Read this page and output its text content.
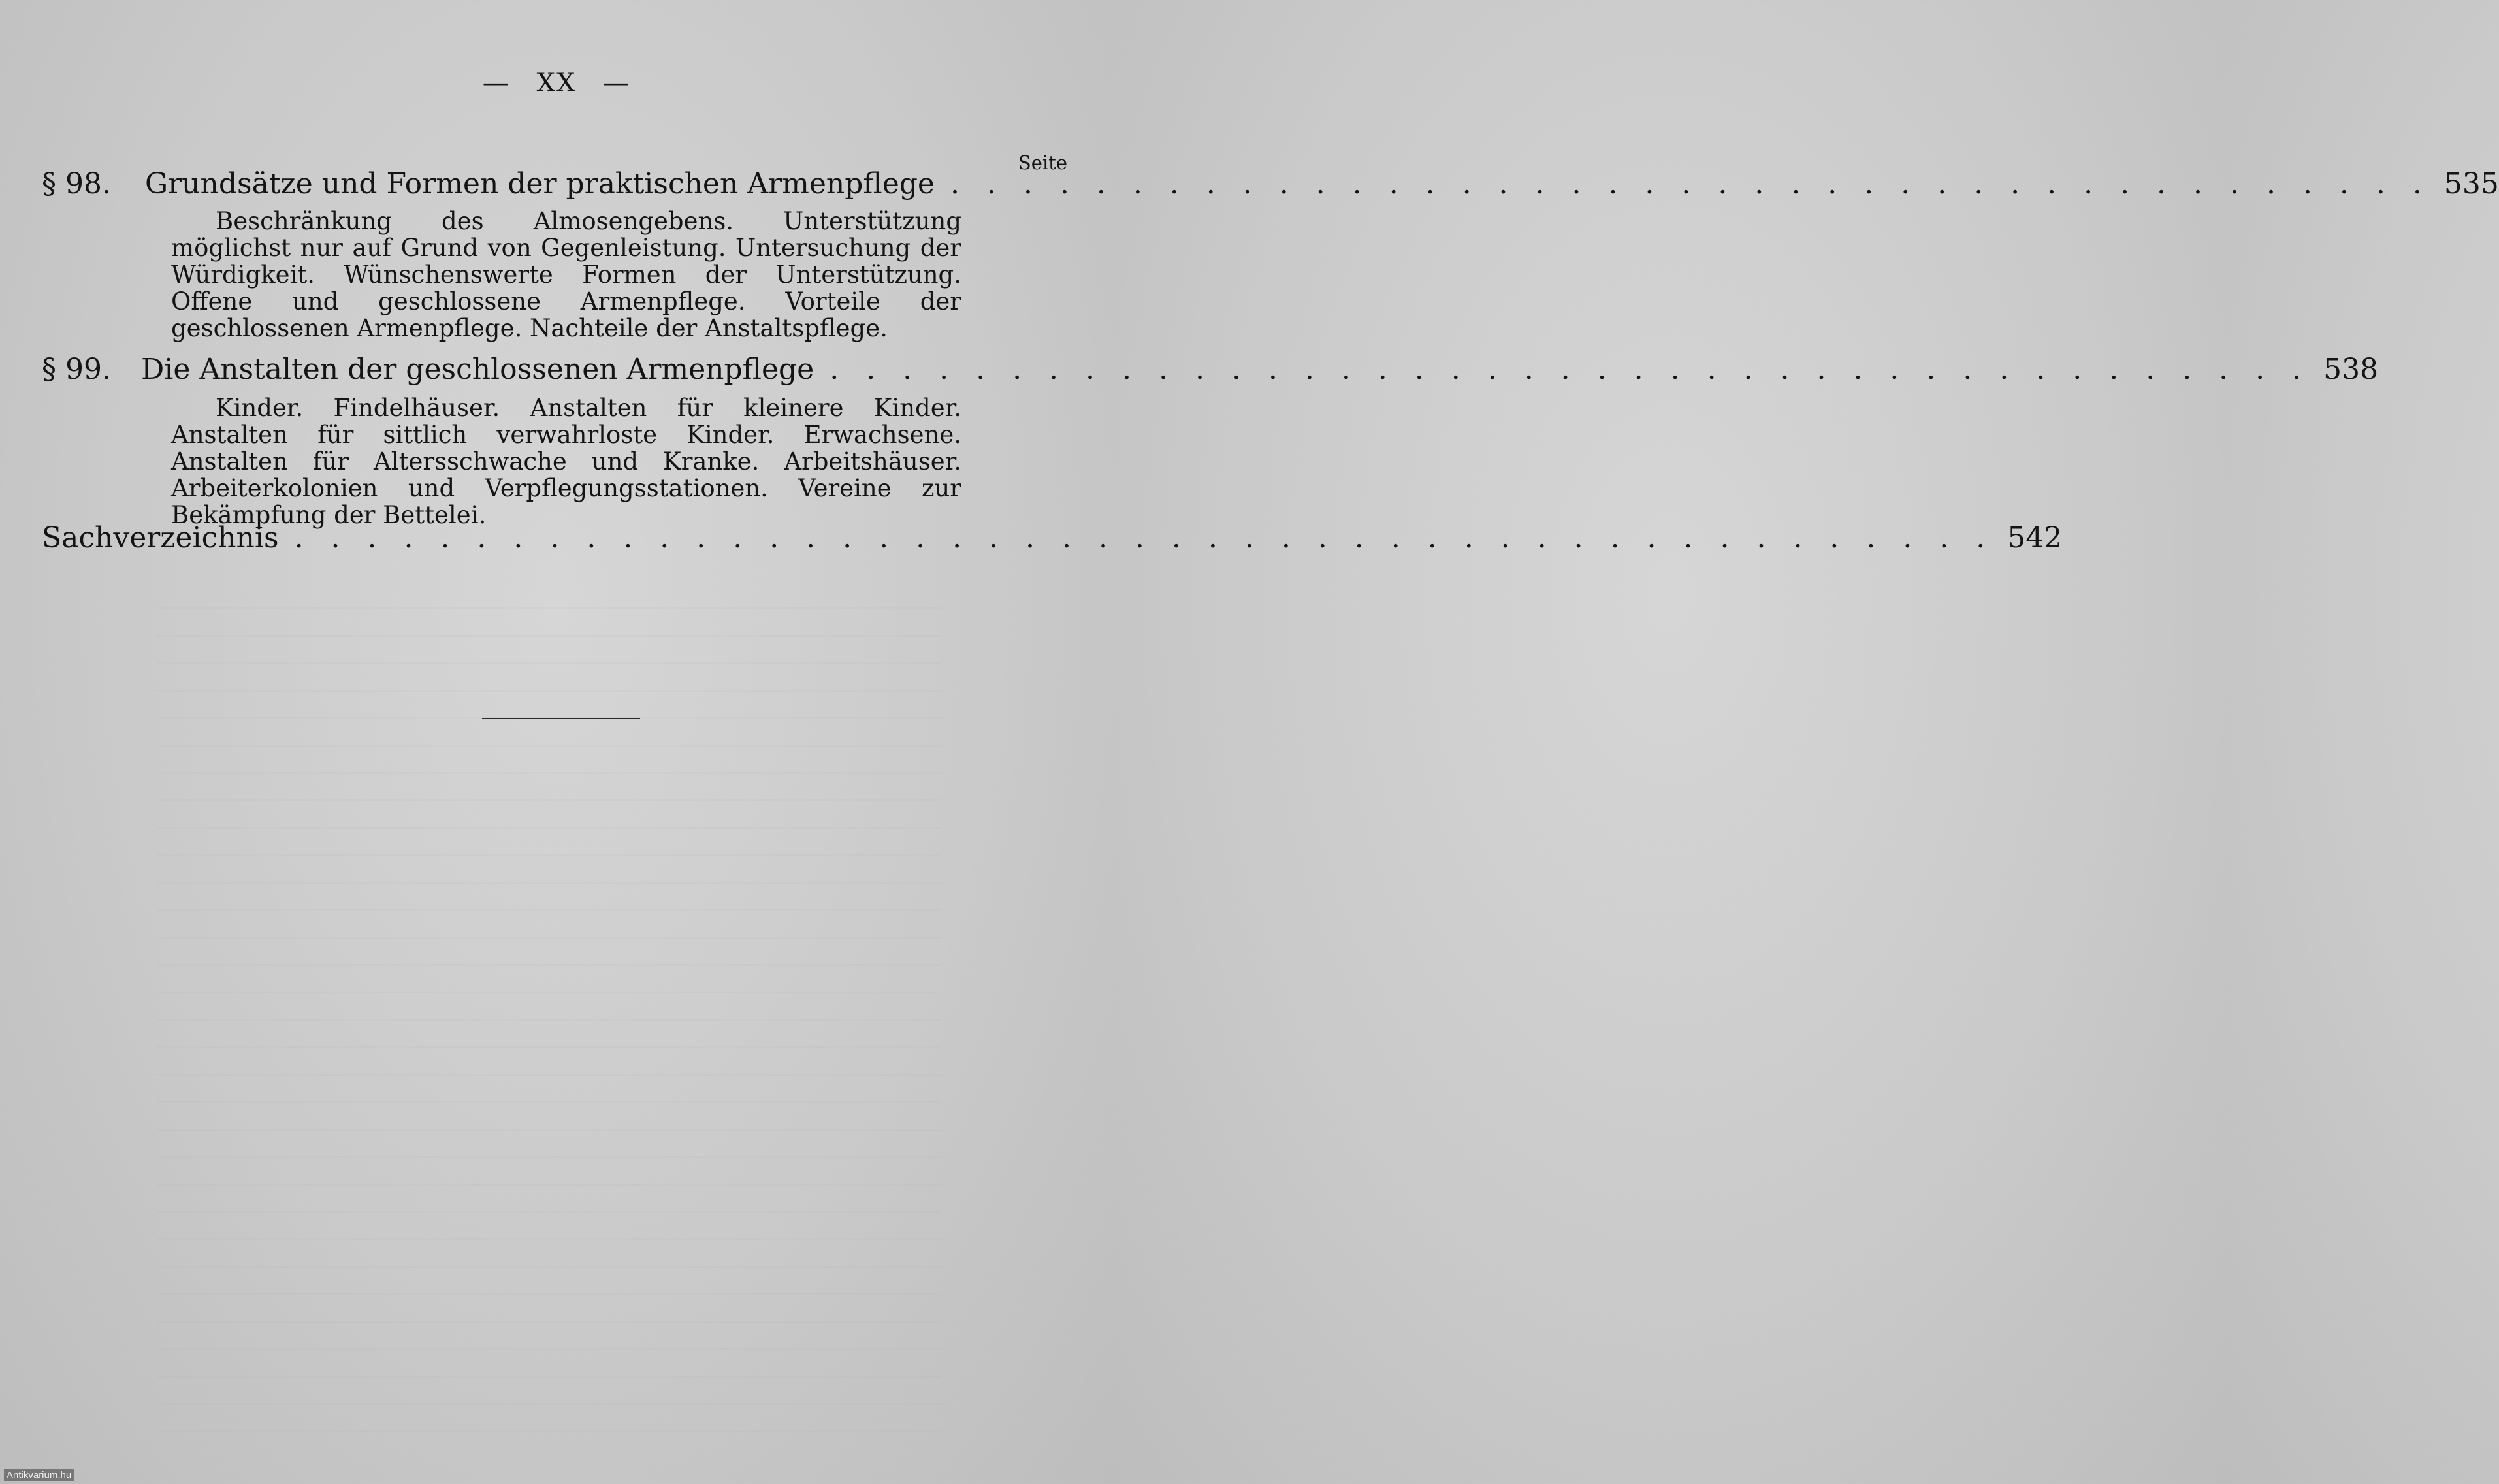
— XX —
Seite
§ 98.	Grundsätze und Formen der praktischen Armenpflege . . . . . . . . . . . . . . . . . . . . . . . . . . . . . . . . . . . . . . . . . 535
Beschränkung des Almosengebens. Unterstützung möglichst nur auf Grund von Gegenleistung. Untersuchung der Würdigkeit. Wünschenswerte Formen der Unterstützung. Offene und geschlossene Armenpflege. Vorteile der geschlossenen Armenpflege. Nachteile der Anstaltspflege.
§ 99.	Die Anstalten der geschlossenen Armenpflege . . . . . . . . . . . . . . . . . . . . . . . . . . . . . . . . . . . . . . . . . 538
Kinder. Findelhäuser. Anstalten für kleinere Kinder. Anstalten für sittlich verwahrloste Kinder. Erwachsene. Anstalten für Altersschwache und Kranke. Arbeitshäuser. Arbeiterkolonien und Verpflegungsstationen. Vereine zur Bekämpfung der Bettelei.
Sachverzeichnis . . . . . . . . . . . . . . . . . . . . . . . . . . . . . . . . . . . . . . . . . . . . . . . 542
Antikvarium.hu
